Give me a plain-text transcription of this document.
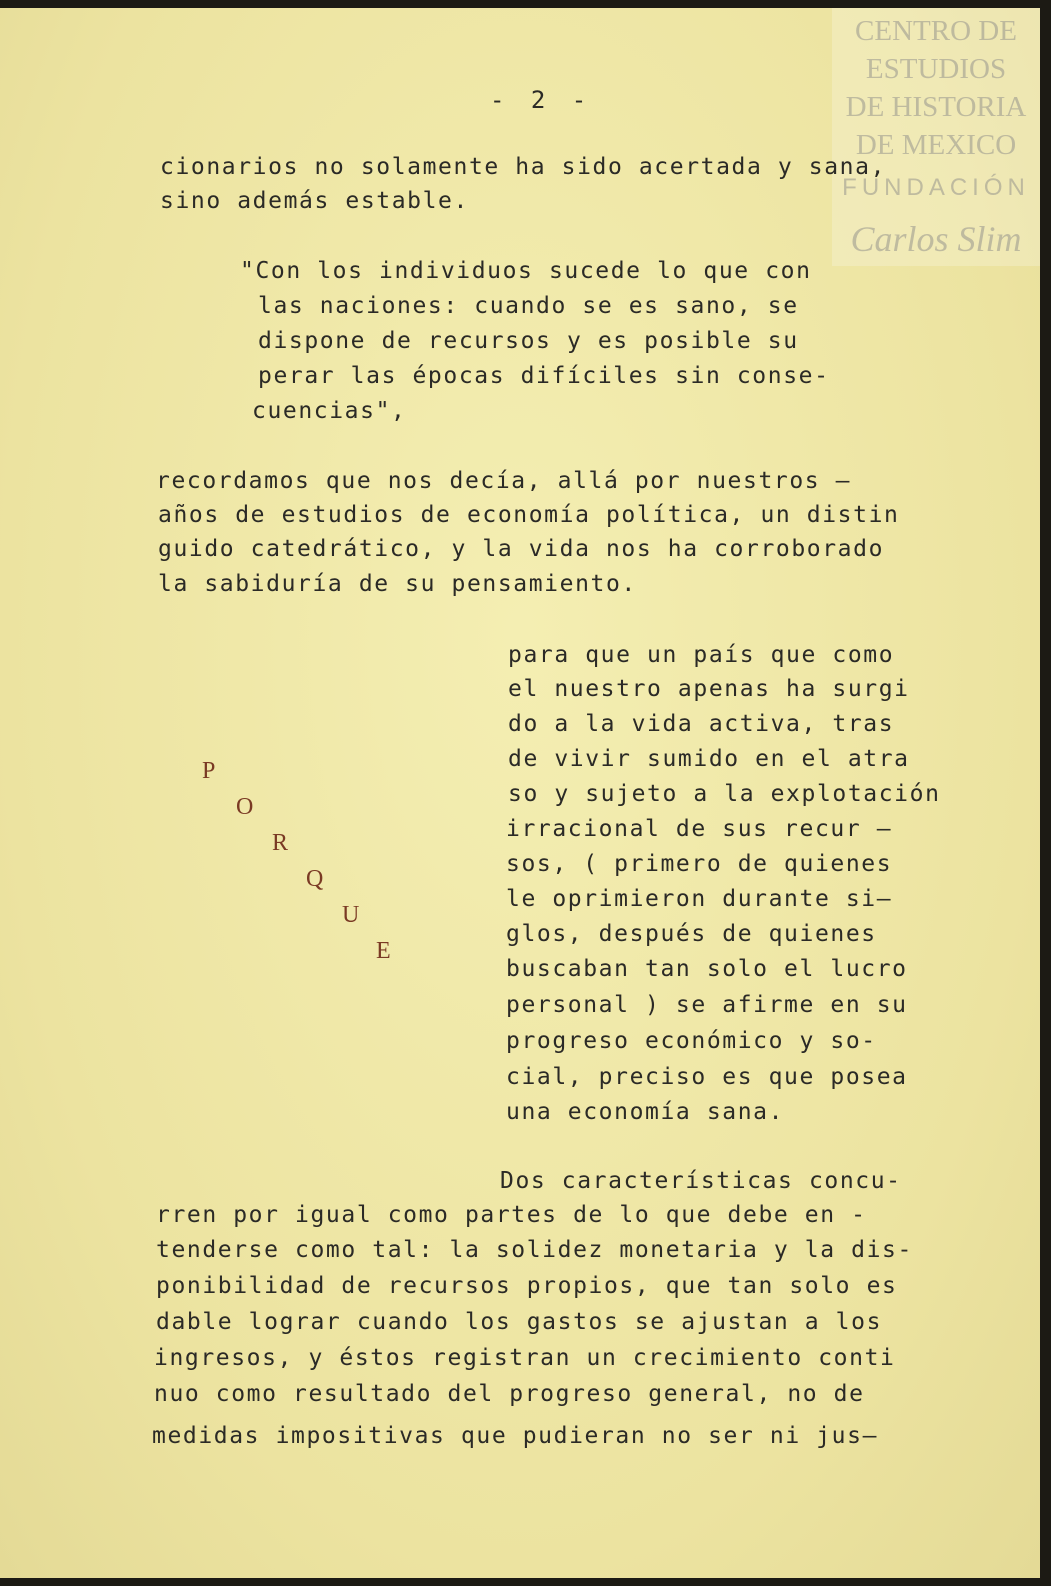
CENTRO DE
ESTUDIOS
DE HISTORIA
DE MEXICO
FUNDACIÓN
Carlos Slim
- 2 -
cionarios no solamente ha sido acertada y sana,
sino además estable.
"Con los individuos sucede lo que con
las naciones: cuando se es sano, se
dispone de recursos y es posible su
perar las épocas difíciles sin conse-
cuencias",
recordamos que nos decía, allá por nuestros —
años de estudios de economía política, un distin
guido catedrático, y la vida nos ha corroborado
la sabiduría de su pensamiento.
P
O
R
Q
U
E
para que un país que como
el nuestro apenas ha surgi
do a la vida activa, tras
de vivir sumido en el atra
so y sujeto a la explotación
irracional de sus recur —
sos, ( primero de quienes
le oprimieron durante si—
glos, después de quienes
buscaban tan solo el lucro
personal ) se afirme en su
progreso económico y so-
cial, preciso es que posea
una economía sana.
Dos características concu-
rren por igual como partes de lo que debe en -
tenderse como tal: la solidez monetaria y la dis-
ponibilidad de recursos propios, que tan solo es
dable lograr cuando los gastos se ajustan a los
ingresos, y éstos registran un crecimiento conti
nuo como resultado del progreso general, no de
medidas impositivas que pudieran no ser ni jus—
